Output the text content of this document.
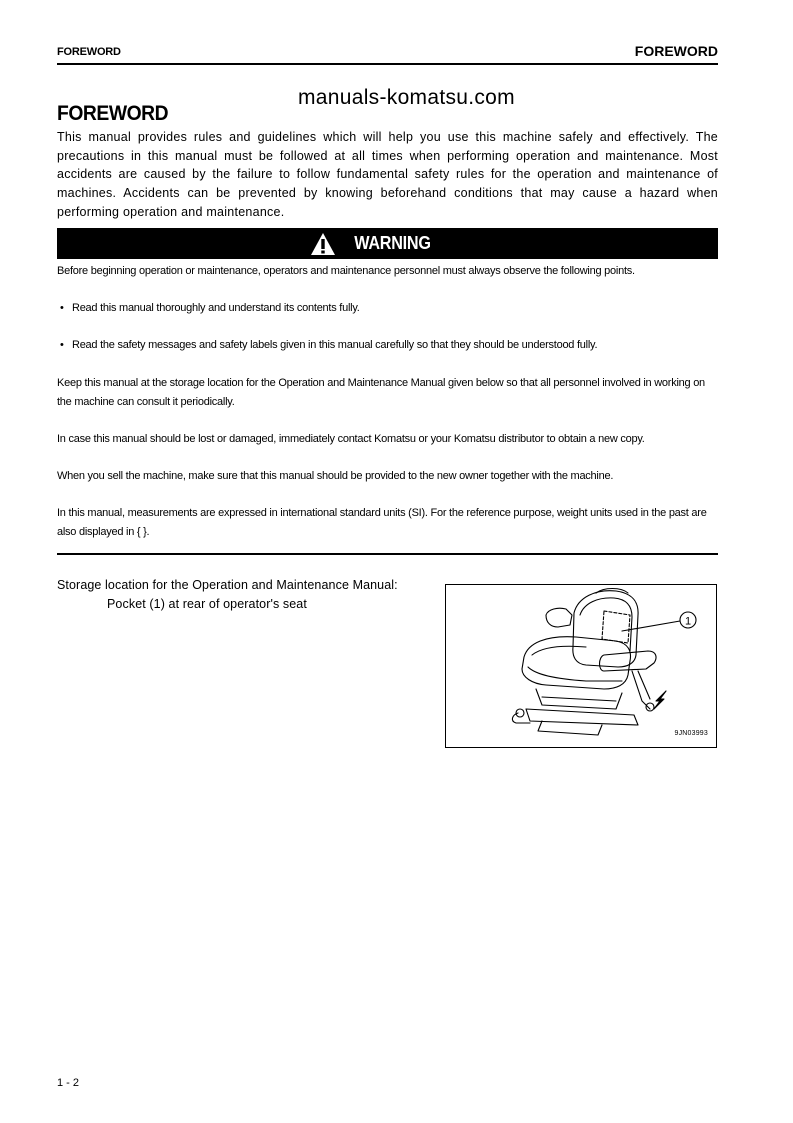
FOREWORD	FOREWORD
manuals-komatsu.com
FOREWORD
This manual provides rules and guidelines which will help you use this machine safely and effectively. The precautions in this manual must be followed at all times when performing operation and maintenance. Most accidents are caused by the failure to follow fundamental safety rules for the operation and maintenance of machines. Accidents can be prevented by knowing beforehand conditions that may cause a hazard when performing operation and maintenance.
WARNING
Before beginning operation or maintenance, operators and maintenance personnel must always observe the following points.
• Read this manual thoroughly and understand its contents fully.
• Read the safety messages and safety labels given in this manual carefully so that they should be understood fully.
Keep this manual at the storage location for the Operation and Maintenance Manual given below so that all personnel involved in working on the machine can consult it periodically.
In case this manual should be lost or damaged, immediately contact Komatsu or your Komatsu distributor to obtain a new copy.
When you sell the machine, make sure that this manual should be provided to the new owner together with the machine.
In this manual, measurements are expressed in international standard units (SI). For the reference purpose, weight units used in the past are also displayed in { }.
Storage location for the Operation and Maintenance Manual:
Pocket (1) at rear of operator's seat
1
9JN03993
1 - 2
